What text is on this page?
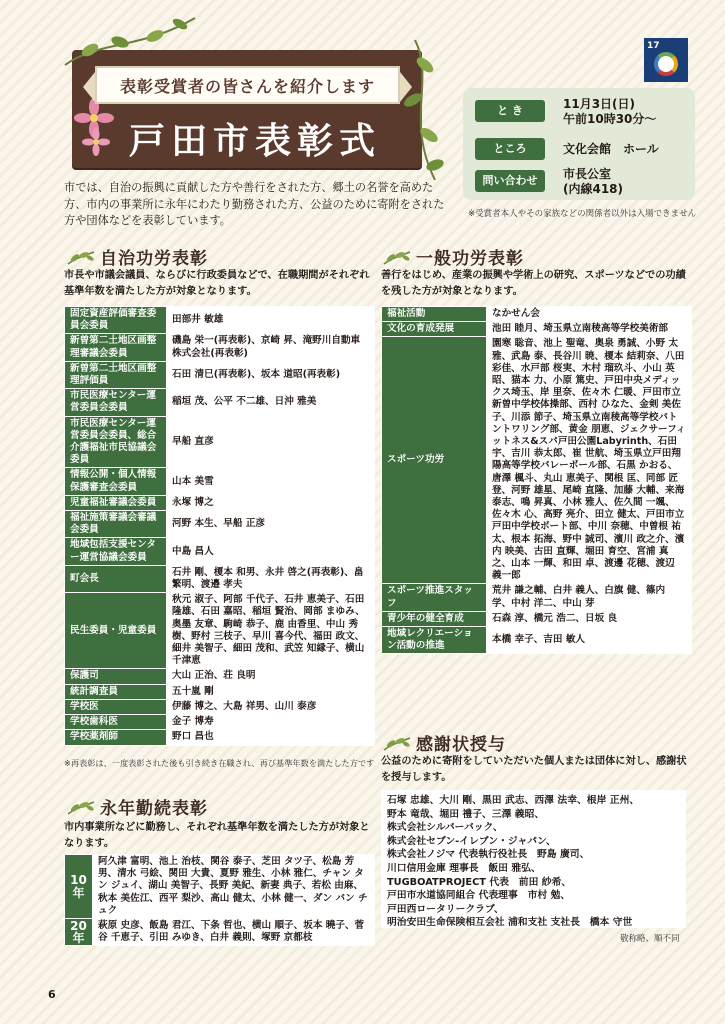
表彰受賞者の皆さんを紹介します
戸田市表彰式
17
と き	11月3日(日)
午前10時30分～
ところ	文化会館　ホール
問い合わせ	市長公室
(内線418)
※受賞者本人やその家族などの関係者以外は入場できません
市では、自治の振興に貢献した方や善行をされた方、郷土の名誉を高めた方、市内の事業所に永年にわたり勤務された方、公益のために寄附をされた方や団体などを表彰しています。
自治功労表彰
市長や市議会議員、ならびに行政委員などで、在職期間がそれぞれ基準年数を満たした方が対象となります。
固定資産評価審査委員会委員	田部井 敏雄
新曽第二土地区画整理審議会委員	磯島 栄一(再表彰)、京崎 昇、滝野川自動車株式会社(再表彰)
新曽第二土地区画整理評価員	石田 清巳(再表彰)、坂本 道昭(再表彰)
市民医療センター運営委員会委員	稲垣 茂、公平 不二雄、日沖 雅美
市民医療センター運営委員会委員、総合介護福祉市民協議会委員	早船 直彦
情報公開・個人情報保護審査会委員	山本 美雪
児童福祉審議会委員	永塚 博之
福祉施策審議会審議会委員	河野 本生、早船 正彦
地域包括支援センター運営協議会委員	中島 昌人
町会長	石井 剛、榎本 和男、永井 啓之(再表彰)、畠 繁明、渡邉 孝夫
民生委員・児童委員	秋元 淑子、阿部 千代子、石井 恵美子、石田 隆雄、石田 嘉昭、稲垣 賢治、岡部 まゆみ、奥墨 友章、駒崎 恭子、鹿 由香里、中山 秀樹、野村 三枝子、早川 喜今代、福田 政文、細井 美智子、細田 茂和、武笠 知縁子、横山 千津恵
保護司	大山 正治、荘 良明
統計調査員	五十嵐 剛
学校医	伊藤 博之、大島 祥男、山川 泰彦
学校歯科医	金子 博寿
学校薬剤師	野口 昌也
※再表彰は、一度表彰された後も引き続き在職され、再び基準年数を満たした方です
永年勤続表彰
市内事業所などに勤務し、それぞれ基準年数を満たした方が対象となります。
10年	阿久津 富明、池上 治枝、関谷 泰子、芝田 タツ子、松島 芳男、清水 弓絵、関田 大貴、夏野 雅生、小林 雅仁、チャン タン ジュイ、湖山 美智子、長野 美紀、新妻 典子、若松 由麻、秋本 美佐江、西平 梨沙、高山 健太、小林 健一、ダン バン チュク
20年	萩原 史彦、飯島 君江、下条 哲也、横山 順子、坂本 曉子、菅谷 千恵子、引田 みゆき、白井 義則、塚野 京都枝
一般功労表彰
善行をはじめ、産業の振興や学術上の研究、スポーツなどでの功績を残した方が対象となります。
福祉活動	なかせん会
文化の育成発展	池田 睦月、埼玉県立南稜高等学校美術部
スポーツ功労	園寒 聡音、池上 聖竜、奥泉 勇誠、小野 太雅、武島 泰、長谷川 暁、榎本 結莉奈、八田 彩佳、水戸部 桜実、木村 瑠玖斗、小山 英昭、猫本 力、小原 篤史、戸田中央メディックス埼玉、岸 里奈、佐々木 仁暖、戸田市立新曽中学校体操部、西村 ひなた、金剣 美佐子、川添 節子、埼玉県立南稜高等学校バトントワリング部、黄金 朋恵、ジェクサーフィットネス&スパ戸田公園Labyrinth、石田 宇、吉川 恭太郎、崔 世航、埼玉県立戸田翔陽高等学校バレーボール部、石黒 かおる、唐澤 楓斗、丸山 恵美子、関根 匡、同部 匠登、河野 雄星、尾崎 直隆、加藤 大輔、来海 泰志、鳴 昇真、小林 雅人、佐久間 一颯、佐々木 心、高野 亮介、田立 健太、戸田市立戸田中学校ボート部、中川 奈穂、中曽根 祐太、根本 拓海、野中 誠司、濱川 政之介、濱内 映美、古田 直輝、堀田 育空、宮浦 真之、山本 一輝、和田 卓、渡邊 花穂、渡辺 義一郎
スポーツ推進スタッフ	荒井 謙之輔、白井 義人、白旗 健、篠内 学、中村 洋二、中山 芽
青少年の健全育成	石森 淳、橋元 浩二、日坂 良
地域レクリエーション活動の推進	本橋 幸子、吉田 敏人
感謝状授与
公益のために寄附をしていただいた個人または団体に対し、感謝状を授与します。
石塚 忠雄、大川 剛、黒田 武志、西澤 法幸、根岸 正州、
野本 竜哉、堀田 禮子、三澤 義昭、
株式会社シルバーバック、
株式会社セブン-イレブン・ジャパン、
株式会社ノジマ 代表執行役社長　野島 廣司、
川口信用金庫 理事長　飯田 雅弘、
TUGBOATPROJECT 代表　前田 紗希、
戸田市水道協同組合 代表理事　市村 勉、
戸田西ロータリークラブ、
明治安田生命保険相互会社 浦和支社 支社長　橋本 守世
敬称略、順不同
6
